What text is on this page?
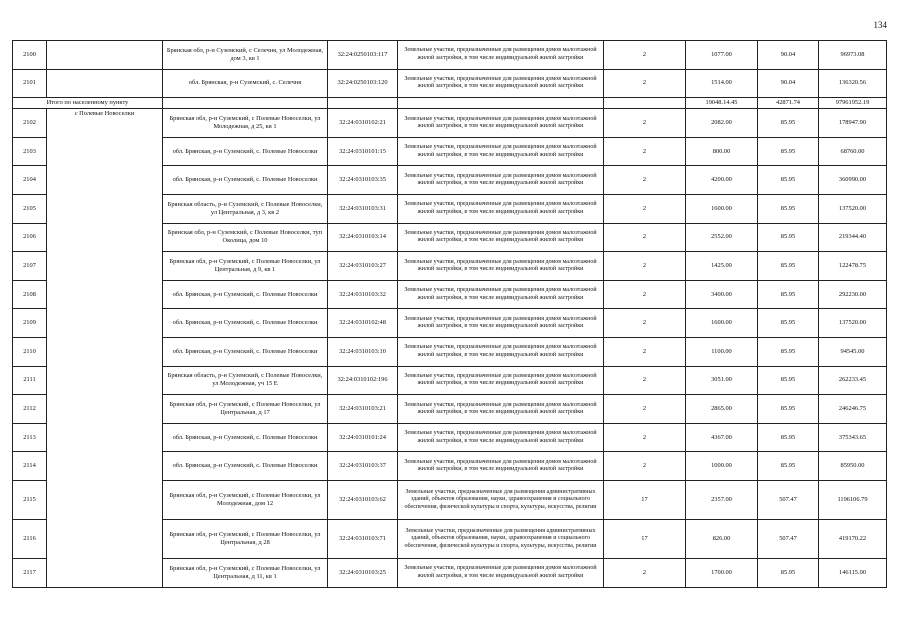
134
2100		Брянская обл, р-н Суземский, с Селечня, ул Молодежная, дом 3, кв 1	32:24:0250103:117	Земельные участки, предназначенные для размещения домов малоэтажной жилой застройки, в том числе индивидуальной жилой застройки	2	1077.00	90.04	96973.08
2101		обл. Брянская, р-н Суземский, с. Селечня	32:24:0250103:120	Земельные участки, предназначенные для размещения домов малоэтажной жилой застройки, в том числе индивидуальной жилой застройки	2	1514.00	90.04	136320.56
Итого по населенному пункту						19048.14.45	42871.74	97961952.19
2102	с Полевые Новоселки	Брянская обл, р-н Суземский, с Полевые Новоселки, ул Молодежная, д 25, кв 1	32:24:0310102:21	Земельные участки, предназначенные для размещения домов малоэтажной жилой застройки, в том числе индивидуальной жилой застройки	2	2082.00	85.95	178947.90
2103		обл. Брянская, р-н Суземский, с. Полевые Новоселки	32:24:0310101:15	Земельные участки, предназначенные для размещения домов малоэтажной жилой застройки, в том числе индивидуальной жилой застройки	2	800.00	85.95	68760.00
2104		обл. Брянская, р-н Суземский, с. Полевые Новоселки	32:24:0310103:35	Земельные участки, предназначенные для размещения домов малоэтажной жилой застройки, в том числе индивидуальной жилой застройки	2	4200.00	85.95	360990.00
2105		Брянская область, р-н Суземский, с Полевые Новоселки, ул Центральная, д 3, кв 2	32:24:0310103:31	Земельные участки, предназначенные для размещения домов малоэтажной жилой застройки, в том числе индивидуальной жилой застройки	2	1600.00	85.95	137520.00
2106		Брянская обл, р-н Суземский, с Полевые Новоселки, туп Околица, дом 10	32:24:0310103:14	Земельные участки, предназначенные для размещения домов малоэтажной жилой застройки, в том числе индивидуальной жилой застройки	2	2552.00	85.95	219344.40
2107		Брянская обл, р-н Суземский, с Полевые Новоселки, ул Центральная, д 9, кв 1	32:24:0310103:27	Земельные участки, предназначенные для размещения домов малоэтажной жилой застройки, в том числе индивидуальной жилой застройки	2	1425.00	85.95	122478.75
2108		обл. Брянская, р-н Суземский, с. Полевые Новоселки	32:24:0310103:32	Земельные участки, предназначенные для размещения домов малоэтажной жилой застройки, в том числе индивидуальной жилой застройки	2	3400.00	85.95	292230.00
2109		обл. Брянская, р-н Суземский, с. Полевые Новоселки	32:24:0310102:48	Земельные участки, предназначенные для размещения домов малоэтажной жилой застройки, в том числе индивидуальной жилой застройки	2	1600.00	85.95	137520.00
2110		обл. Брянская, р-н Суземский, с. Полевые Новоселки	32:24:0310103:10	Земельные участки, предназначенные для размещения домов малоэтажной жилой застройки, в том числе индивидуальной жилой застройки	2	1100.00	85.95	94545.00
2111		Брянская область, р-н Суземский, с Полевые Новоселки, ул Молодежная, уч 15 Е	32:24:0310102:196	Земельные участки, предназначенные для размещения домов малоэтажной жилой застройки, в том числе индивидуальной жилой застройки	2	3051.00	85.95	262233.45
2112		Брянская обл, р-н Суземский, с Полевые Новоселки, ул Центральная, д 17	32:24:0310103:21	Земельные участки, предназначенные для размещения домов малоэтажной жилой застройки, в том числе индивидуальной жилой застройки	2	2865.00	85.95	246246.75
2113		обл. Брянская, р-н Суземский, с. Полевые Новоселки	32:24:0310101:24	Земельные участки, предназначенные для размещения домов малоэтажной жилой застройки, в том числе индивидуальной жилой застройки	2	4367.00	85.95	375343.65
2114		обл. Брянская, р-н Суземский, с. Полевые Новоселки	32:24:0310103:37	Земельные участки, предназначенные для размещения домов малоэтажной жилой застройки, в том числе индивидуальной жилой застройки	2	1000.00	85.95	85950.00
2115		Брянская обл, р-н Суземский, с Полевые Новоселки, ул Молодежная, дом 12	32:24:0310103:62	Земельные участки, предназначенные для размещения административных зданий, объектов образования, науки, здравоохранения и социального обеспечения, физической культуры и спорта, культуры, искусства, религии	17	2357.00	507.47	1196106.79
2116		Брянская обл, р-н Суземский, с Полевые Новоселки, ул Центральная, д 28	32:24:0310103:71	Земельные участки, предназначенные для размещения административных зданий, объектов образования, науки, здравоохранения и социального обеспечения, физической культуры и спорта, культуры, искусства, религии	17	826.00	507.47	419170.22
2117		Брянская обл, р-н Суземский, с Полевые Новоселки, ул Центральная, д 11, кв 1	32:24:0310103:25	Земельные участки, предназначенные для размещения домов малоэтажной жилой застройки, в том числе индивидуальной жилой застройки	2	1700.00	85.95	146115.00
